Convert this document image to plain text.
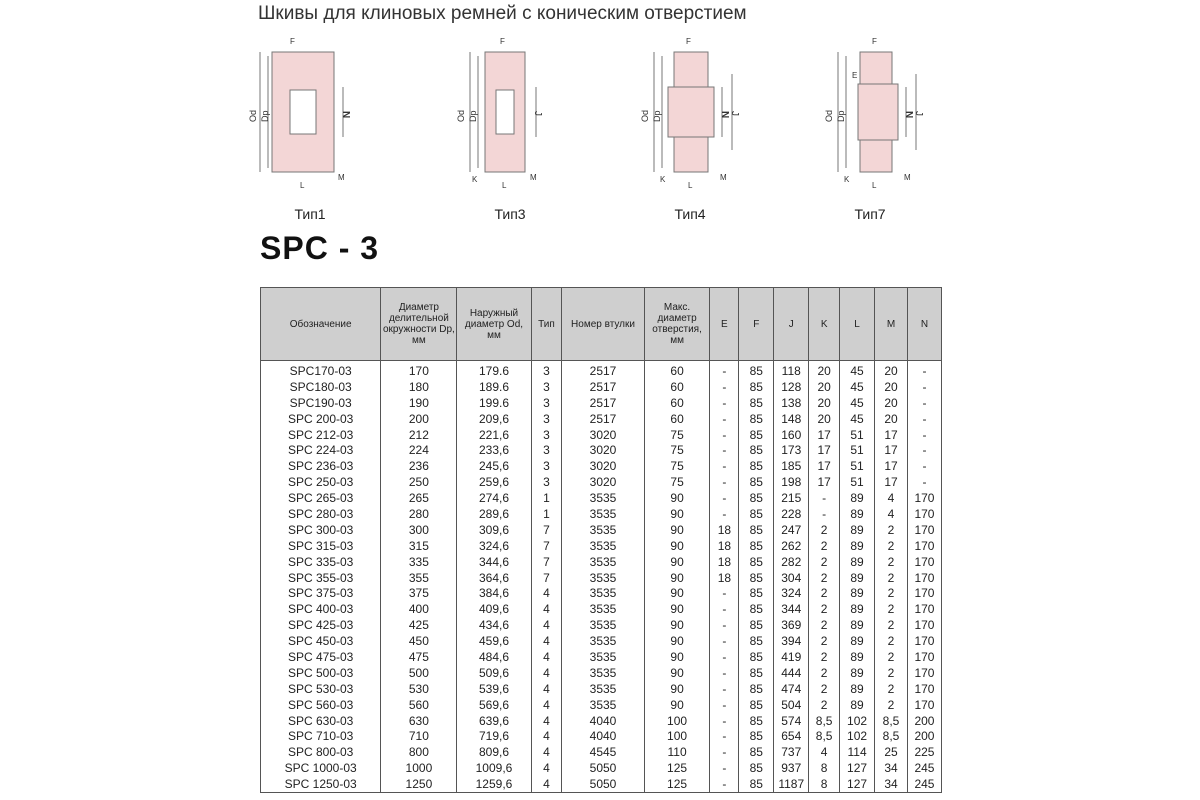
Шкивы для клиновых ремней с коническим отверстием
F
Od Dp	N
L
M
Тип1
F
Od Dp	J
K
L
M
Тип3
F
Od Dp	N J
K
L
M
Тип4
F
E
Od Dp	N J
K
L
M
Тип7
SPC - 3
Обозначение	Диаметр делительной окружности Dp, мм	Наружный диаметр Od, мм	Тип	Номер втулки	Макс. диаметр отверстия, мм	E	F	J	K	L	M	N
SPC170-03	170	179.6	3	2517	60	-	85	118	20	45	20	-
SPC180-03	180	189.6	3	2517	60	-	85	128	20	45	20	-
SPC190-03	190	199.6	3	2517	60	-	85	138	20	45	20	-
SPC 200-03	200	209,6	3	2517	60	-	85	148	20	45	20	-
SPC 212-03	212	221,6	3	3020	75	-	85	160	17	51	17	-
SPC 224-03	224	233,6	3	3020	75	-	85	173	17	51	17	-
SPC 236-03	236	245,6	3	3020	75	-	85	185	17	51	17	-
SPC 250-03	250	259,6	3	3020	75	-	85	198	17	51	17	-
SPC 265-03	265	274,6	1	3535	90	-	85	215	-	89	4	170
SPC 280-03	280	289,6	1	3535	90	-	85	228	-	89	4	170
SPC 300-03	300	309,6	7	3535	90	18	85	247	2	89	2	170
SPC 315-03	315	324,6	7	3535	90	18	85	262	2	89	2	170
SPC 335-03	335	344,6	7	3535	90	18	85	282	2	89	2	170
SPC 355-03	355	364,6	7	3535	90	18	85	304	2	89	2	170
SPC 375-03	375	384,6	4	3535	90	-	85	324	2	89	2	170
SPC 400-03	400	409,6	4	3535	90	-	85	344	2	89	2	170
SPC 425-03	425	434,6	4	3535	90	-	85	369	2	89	2	170
SPC 450-03	450	459,6	4	3535	90	-	85	394	2	89	2	170
SPC 475-03	475	484,6	4	3535	90	-	85	419	2	89	2	170
SPC 500-03	500	509,6	4	3535	90	-	85	444	2	89	2	170
SPC 530-03	530	539,6	4	3535	90	-	85	474	2	89	2	170
SPC 560-03	560	569,6	4	3535	90	-	85	504	2	89	2	170
SPC 630-03	630	639,6	4	4040	100	-	85	574	8,5	102	8,5	200
SPC 710-03	710	719,6	4	4040	100	-	85	654	8,5	102	8,5	200
SPC 800-03	800	809,6	4	4545	110	-	85	737	4	114	25	225
SPC 1000-03	1000	1009,6	4	5050	125	-	85	937	8	127	34	245
SPC 1250-03	1250	1259,6	4	5050	125	-	85	1187	8	127	34	245
